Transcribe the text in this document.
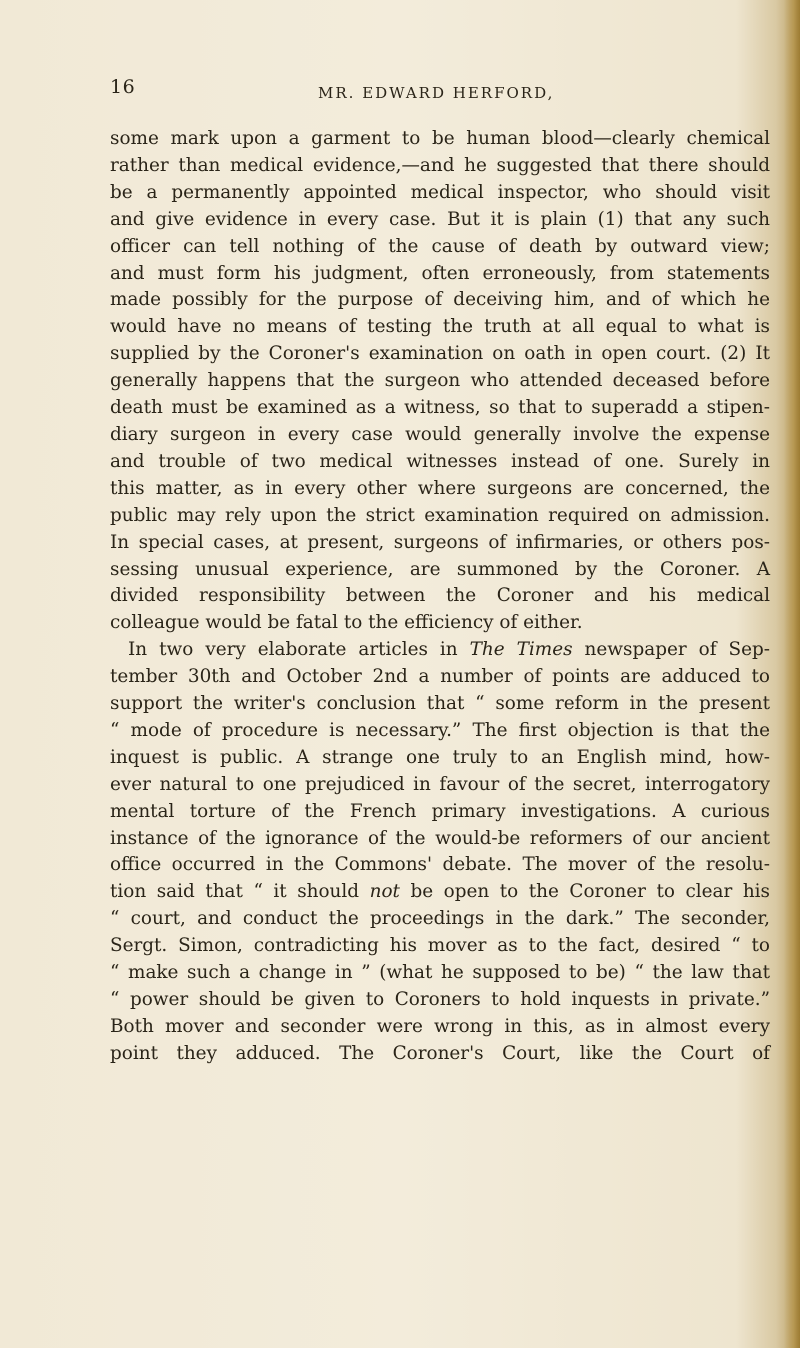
16	MR. EDWARD HERFORD,
some mark upon a garment to be human blood—clearly chemical
rather than medical evidence,—and he suggested that there should
be a permanently appointed medical inspector, who should visit
and give evidence in every case. But it is plain (1) that any such
officer can tell nothing of the cause of death by outward view;
and must form his judgment, often erroneously, from statements
made possibly for the purpose of deceiving him, and of which he
would have no means of testing the truth at all equal to what is
supplied by the Coroner's examination on oath in open court. (2) It
generally happens that the surgeon who attended deceased before
death must be examined as a witness, so that to superadd a stipen-
diary surgeon in every case would generally involve the expense
and trouble of two medical witnesses instead of one. Surely in
this matter, as in every other where surgeons are concerned, the
public may rely upon the strict examination required on admission.
In special cases, at present, surgeons of infirmaries, or others pos-
sessing unusual experience, are summoned by the Coroner. A
divided responsibility between the Coroner and his medical
colleague would be fatal to the efficiency of either.
In two very elaborate articles in The Times newspaper of Sep-
tember 30th and October 2nd a number of points are adduced to
support the writer's conclusion that “ some reform in the present
“ mode of procedure is necessary.” The first objection is that the
inquest is public. A strange one truly to an English mind, how-
ever natural to one prejudiced in favour of the secret, interrogatory
mental torture of the French primary investigations. A curious
instance of the ignorance of the would-be reformers of our ancient
office occurred in the Commons' debate. The mover of the resolu-
tion said that “ it should not be open to the Coroner to clear his
“ court, and conduct the proceedings in the dark.” The seconder,
Sergt. Simon, contradicting his mover as to the fact, desired “ to
“ make such a change in ” (what he supposed to be) “ the law that
“ power should be given to Coroners to hold inquests in private.”
Both mover and seconder were wrong in this, as in almost every
point they adduced. The Coroner's Court, like the Court of
